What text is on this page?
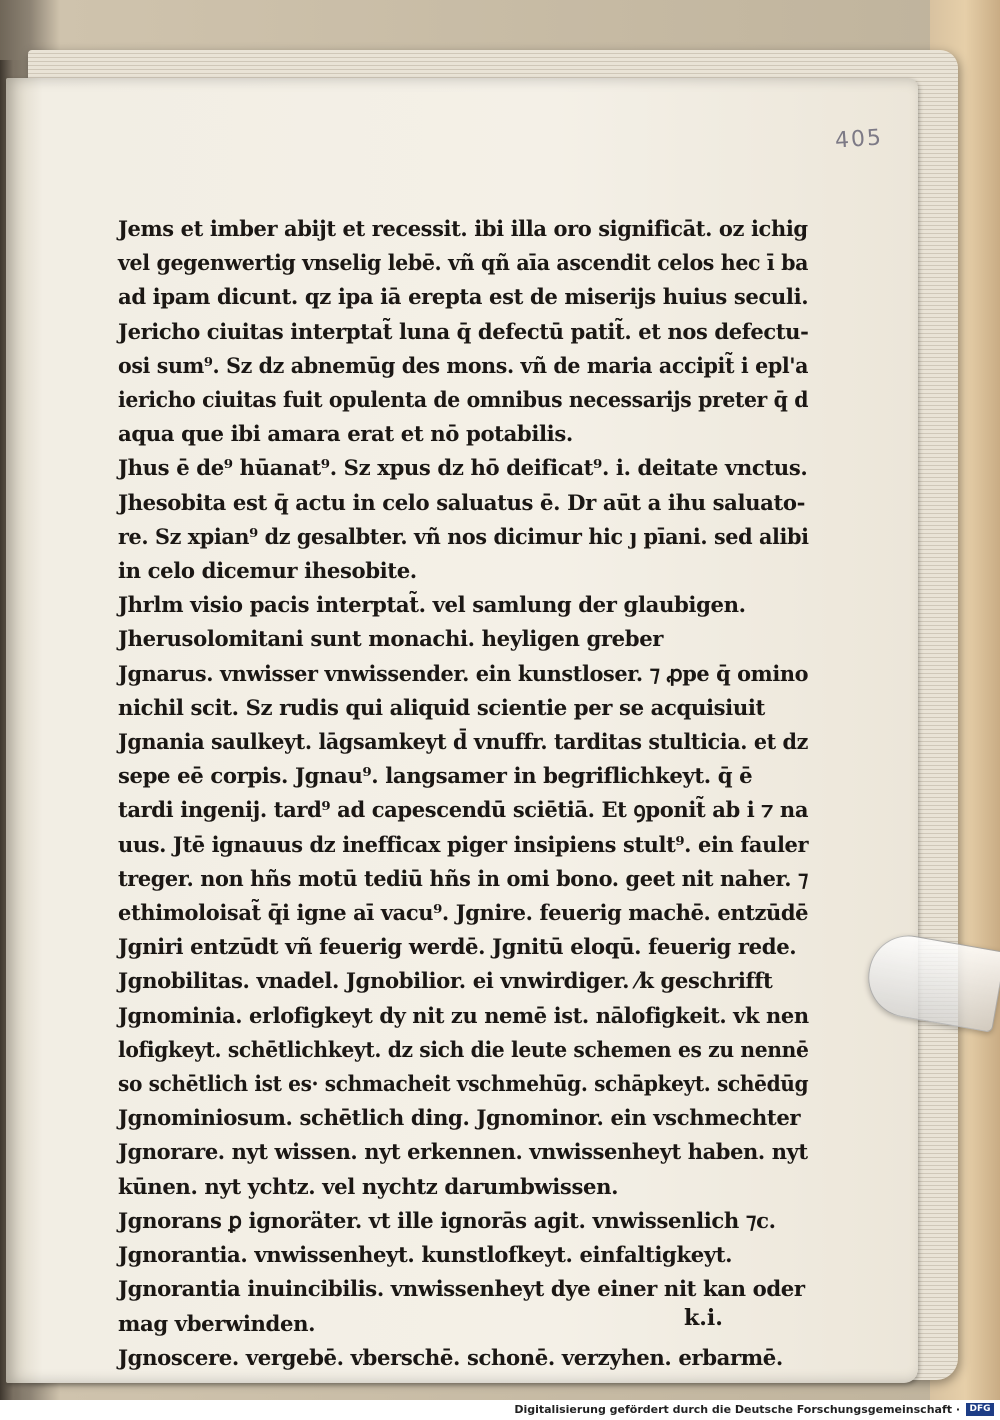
405
Jems et imber abijt et recessit. ibi illa oro significāt. oz ichig
vel gegenwertig vnselig lebē. vñ qñ aīa ascendit celos hec ī ba
ad ipam dicunt. qz ipa iā erepta est de miserijs huius seculi.
Jericho ciuitas interptat̃ luna q̄ defectū patit̃. et nos defectu-
osi sum⁹. Sz dz abnemūg des mons. vñ de maria accipit̃ i epl'a
iericho ciuitas fuit opulenta de omnibus necessarijs preter q̄ d
aqua que ibi amara erat et nō potabilis.
Jhus ē de⁹ hūanat⁹. Sz xpus dz hō deificat⁹. i. deitate vnctus.
Jhesobita est q̄ actu in celo saluatus ē. Dr aūt a ihu saluato-
re. Sz xpian⁹ dz gesalbter. vñ nos dicimur hic ȷ pīani. sed alibi
in celo dicemur ihesobite.
Jhrlm visio pacis interptat̃. vel samlung der glaubigen.
Jherusolomitani sunt monachi. heyligen greber
Jgnarus. vnwisser vnwissender. ein kunstloser. ⁊ ꝓpe q̄ omino
nichil scit. Sz rudis qui aliquid scientie per se acquisiuit
Jgnania saulkeyt. lāgsamkeyt d̄ vnuffr. tarditas stulticia. et dz
sepe eē corpis. Jgnau⁹. langsamer in begriflichkeyt. q̄ ē
tardi ingenij. tard⁹ ad capescendū sciētiā. Et ꝯponit̃ ab i ⁊ na
uus. Jtē ignauus dz inefficax piger insipiens stult⁹. ein fauler
treger. non hñs motū tediū hñs in omi bono. geet nit naher. ⁊
ethimoloisat̃ q̄i igne aī vacu⁹. Jgnire. feuerig machē. entzūdē
Jgniri entzūdt vñ feuerig werdē. Jgnitū eloqū. feuerig rede.
Jgnobilitas. vnadel. Jgnobilior. ei vnwirdiger. ⁄k geschrifft
Jgnominia. erlofigkeyt dy nit zu nemē ist. nālofigkeit. vk nen
lofigkeyt. schētlichkeyt. dz sich die leute schemen es zu nennē
so schētlich ist es· schmacheit vschmehūg. schāpkeyt. schēdūg
Jgnominiosum. schētlich ding. Jgnominor. ein vschmechter
Jgnorare. nyt wissen. nyt erkennen. vnwissenheyt haben. nyt
kūnen. nyt ychtz. vel nychtz darumbwissen.
Jgnorans ꝑ ignoräter. vt ille ignorās agit. vnwissenlich ⁊c.
Jgnorantia. vnwissenheyt. kunstlofkeyt. einfaltigkeyt.
Jgnorantia inuincibilis. vnwissenheyt dye einer nit kan oder
mag vberwinden.
Jgnoscere. vergebē. vberschē. schonē. verzyhen. erbarmē.
k.i.
Digitalisierung gefördert durch die Deutsche Forschungsgemeinschaft ·	DFG
